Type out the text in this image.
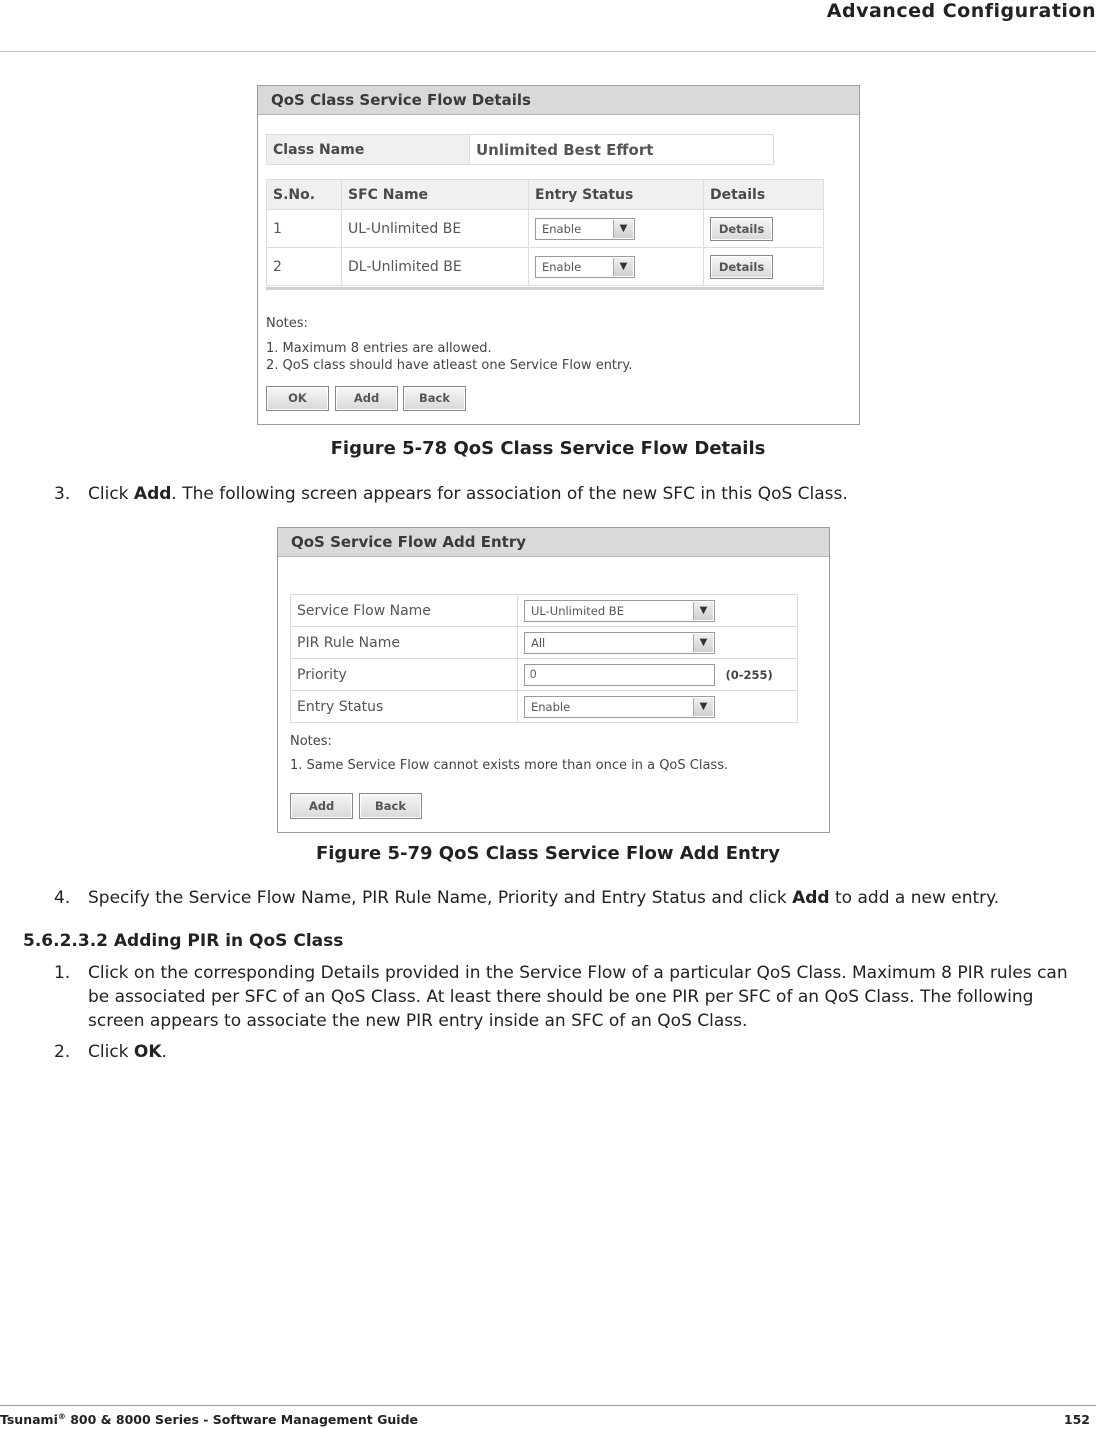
Advanced Configuration
QoS Class Service Flow Details
Class Name	Unlimited Best Effort
S.No.	SFC Name	Entry Status	Details
1	UL-Unlimited BE	Enable ▼	Details
2	DL-Unlimited BE	Enable ▼	Details
Notes:
1. Maximum 8 entries are allowed.
2. QoS class should have atleast one Service Flow entry.
OK	Add	Back
Figure 5-78 QoS Class Service Flow Details
3. Click Add. The following screen appears for association of the new SFC in this QoS Class.
QoS Service Flow Add Entry
Service Flow Name	UL-Unlimited BE ▼

PIR Rule Name	All ▼

Priority	0(0-255)
Entry Status	Enable ▼
Notes:
1. Same Service Flow cannot exists more than once in a QoS Class.
Add	Back
Figure 5-79 QoS Class Service Flow Add Entry
4. Specify the Service Flow Name, PIR Rule Name, Priority and Entry Status and click Add to add a new entry.
5.6.2.3.2 Adding PIR in QoS Class
1. Click on the corresponding Details provided in the Service Flow of a particular QoS Class. Maximum 8 PIR rules can be associated per SFC of an QoS Class. At least there should be one PIR per SFC of an QoS Class. The following screen appears to associate the new PIR entry inside an SFC of an QoS Class.
2. Click OK.
Tsunami® 800 & 8000 Series - Software Management Guide	152
